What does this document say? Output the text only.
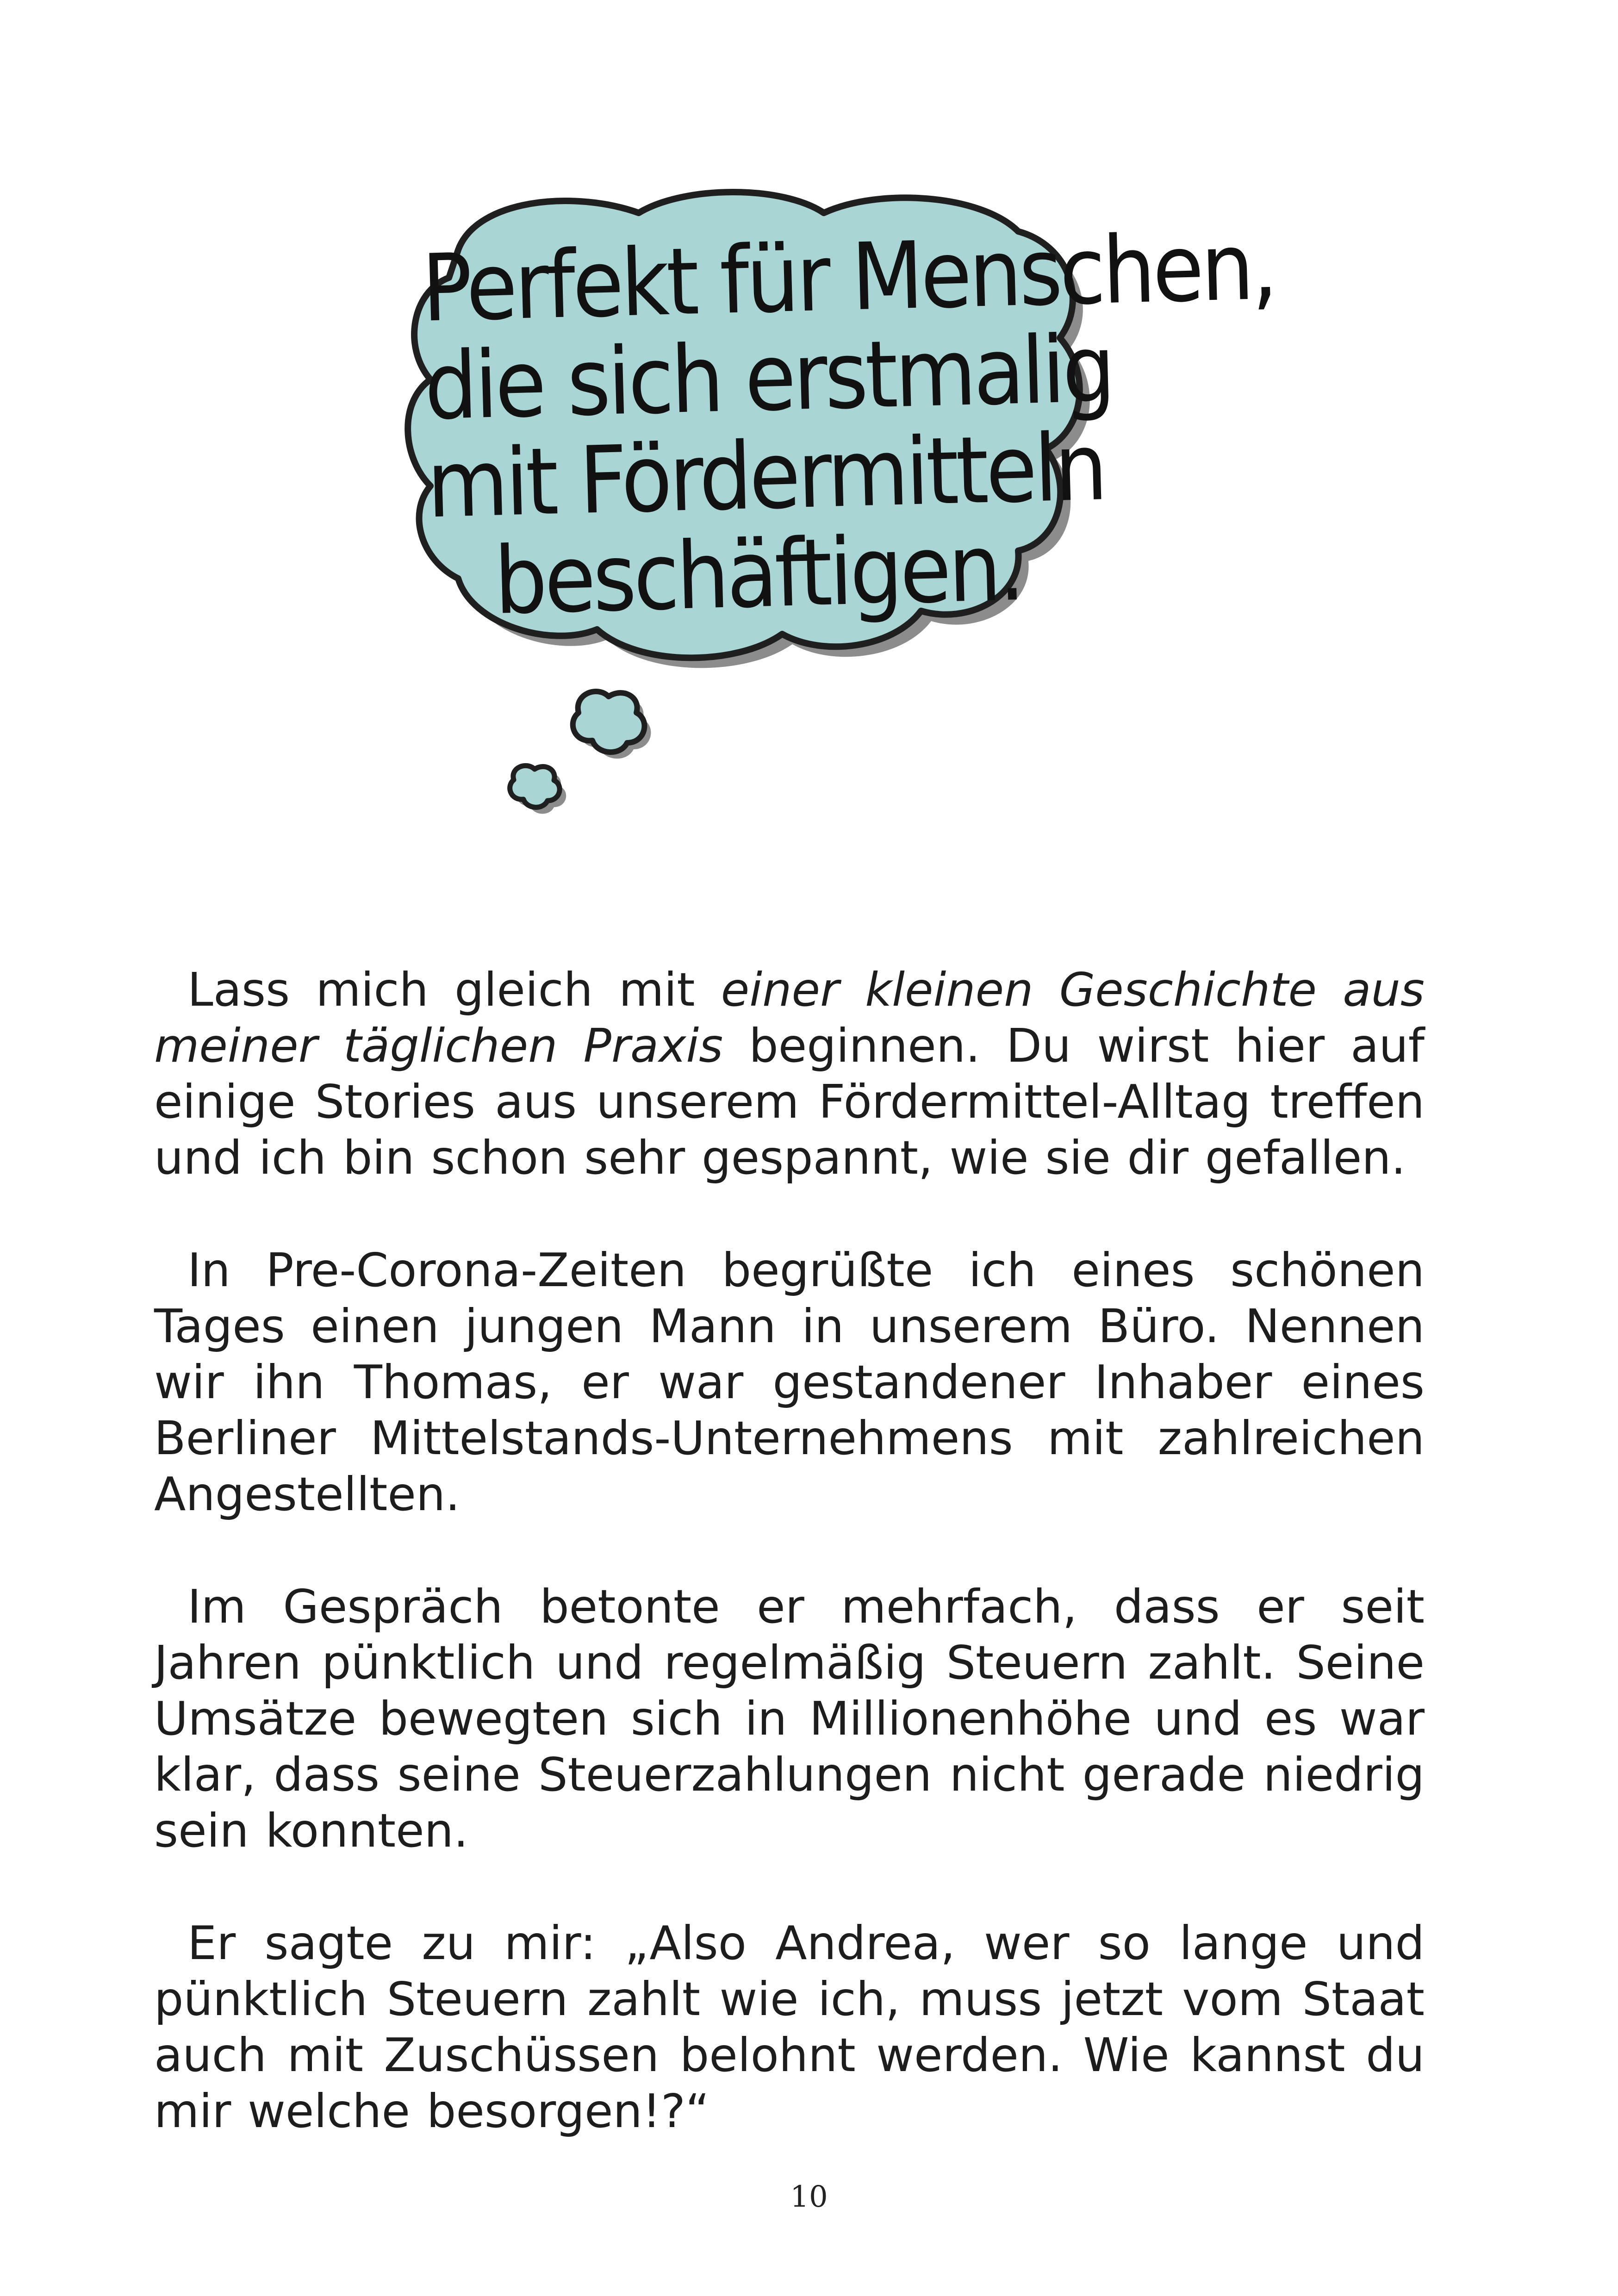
Perfekt für Menschen,
die sich erstmalig
mit Fördermitteln
beschäftigen.

Lass mich gleich mit einer kleinen Geschichte aus meiner täglichen Praxis beginnen. Du wirst hier auf einige Stories aus unserem Fördermittel-Alltag treffen und ich bin schon sehr gespannt, wie sie dir gefallen.

In Pre-Corona-Zeiten begrüßte ich eines schönen Tages einen jungen Mann in unserem Büro. Nennen wir ihn Thomas, er war gestandener Inhaber eines Berliner Mittelstands-Unternehmens mit zahlreichen Angestellten.

Im Gespräch betonte er mehrfach, dass er seit Jahren pünktlich und regelmäßig Steuern zahlt. Seine Umsätze bewegten sich in Millionenhöhe und es war klar, dass seine Steuerzahlungen nicht gerade niedrig sein konnten.

Er sagte zu mir: „Also Andrea, wer so lange und pünktlich Steuern zahlt wie ich, muss jetzt vom Staat auch mit Zuschüssen belohnt werden. Wie kannst du mir welche besorgen!?“

10
